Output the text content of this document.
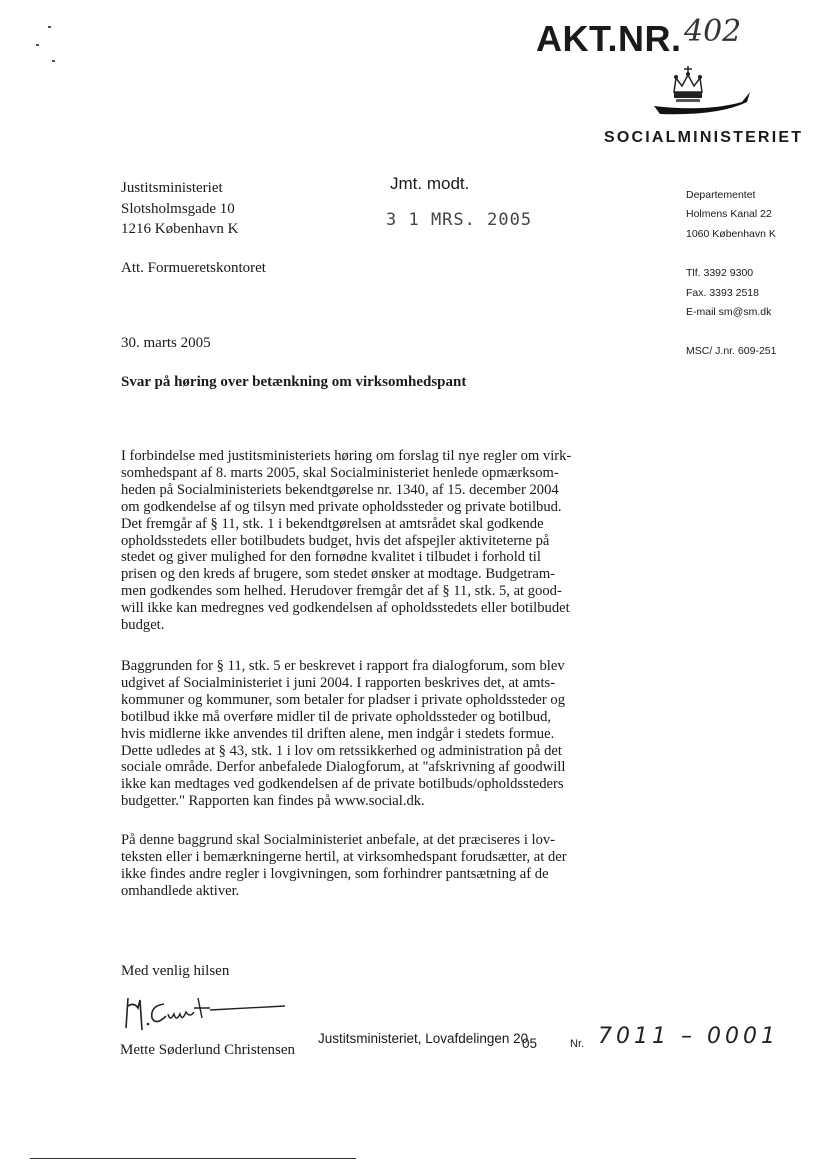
AKT.NR. 402
SOCIALMINISTERIET
Justitsministeriet
Slotsholmsgade 10
1216 København K
Att. Formueretskontoret
Jmt. modt.
3 1 MRS. 2005
Departementet
Holmens Kanal 22
1060 København K
Tlf. 3392 9300
Fax. 3393 2518
E-mail sm@sm.dk
MSC/ J.nr. 609-251
30. marts 2005
Svar på høring over betænkning om virksomhedspant
I forbindelse med justitsministeriets høring om forslag til nye regler om virk-
somhedspant af 8. marts 2005, skal Socialministeriet henlede opmærksom-
heden på Socialministeriets bekendtgørelse nr. 1340, af 15. december 2004
om godkendelse af og tilsyn med private opholdssteder og private botilbud.
Det fremgår af § 11, stk. 1 i bekendtgørelsen at amtsrådet skal godkende
opholdsstedets eller botilbudets budget, hvis det afspejler aktiviteterne på
stedet og giver mulighed for den fornødne kvalitet i tilbudet i forhold til
prisen og den kreds af brugere, som stedet ønsker at modtage. Budgetram-
men godkendes som helhed. Herudover fremgår det af § 11, stk. 5, at good-
will ikke kan medregnes ved godkendelsen af opholdsstedets eller botilbudet
budget.
Baggrunden for § 11, stk. 5 er beskrevet i rapport fra dialogforum, som blev
udgivet af Socialministeriet i juni 2004. I rapporten beskrives det, at amts-
kommuner og kommuner, som betaler for pladser i private opholdssteder og
botilbud ikke må overføre midler til de private opholdssteder og botilbud,
hvis midlerne ikke anvendes til driften alene, men indgår i stedets formue.
Dette udledes at § 43, stk. 1 i lov om retssikkerhed og administration på det
sociale område. Derfor anbefalede Dialogforum, at "afskrivning af goodwill
ikke kan medtages ved godkendelsen af de private botilbuds/opholdssteders
budgetter." Rapporten kan findes på www.social.dk.
På denne baggrund skal Socialministeriet anbefale, at det præciseres i lov-
teksten eller i bemærkningerne hertil, at virksomhedspant forudsætter, at der
ikke findes andre regler i lovgivningen, som forhindrer pantsætning af de
omhandlede aktiver.
Med venlig hilsen
Mette Søderlund Christensen
Justitsministeriet, Lovafdelingen 20
05	Nr. 7011 – 0001
